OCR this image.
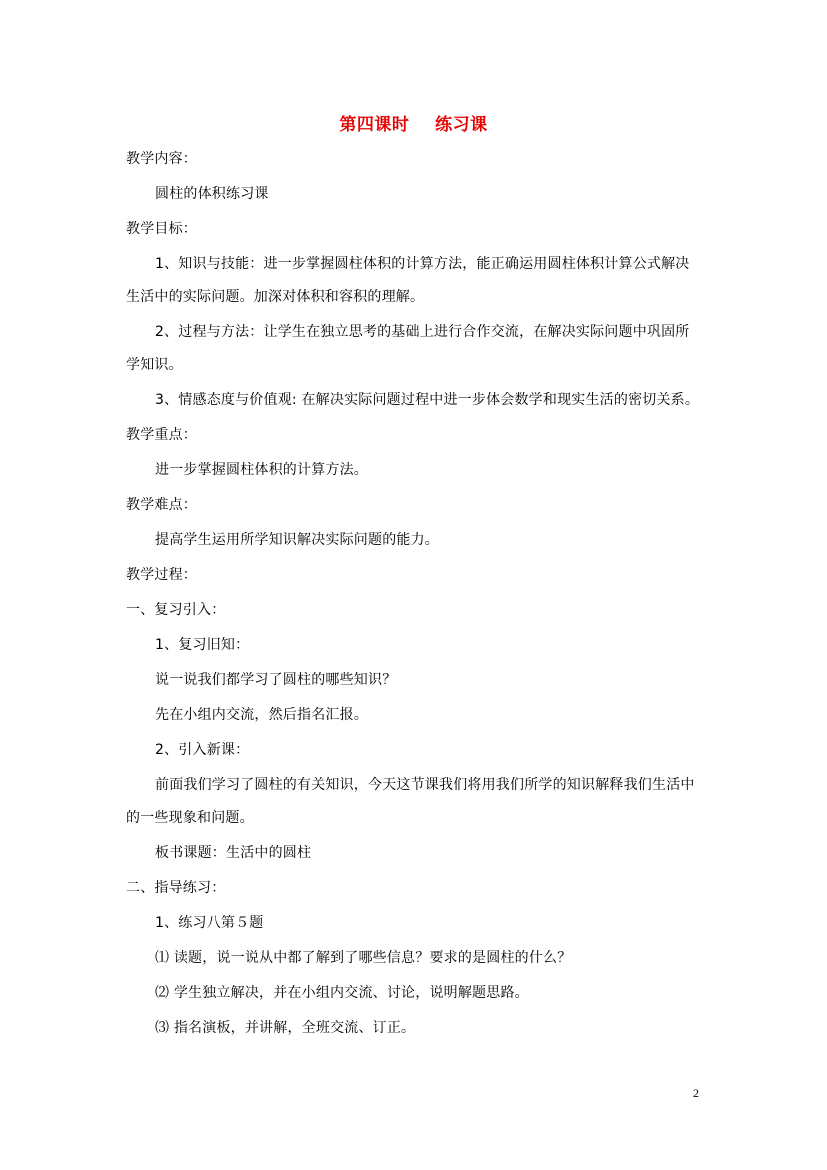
第四课时    练习课
教学内容：
圆柱的体积练习课
教学目标：
1、知识与技能：进一步掌握圆柱体积的计算方法，能正确运用圆柱体积计算公式解决
生活中的实际问题。加深对体积和容积的理解。
2、过程与方法：让学生在独立思考的基础上进行合作交流，在解决实际问题中巩固所
学知识。
3、情感态度与价值观: 在解决实际问题过程中进一步体会数学和现实生活的密切关系。
教学重点：
进一步掌握圆柱体积的计算方法。
教学难点：
提高学生运用所学知识解决实际问题的能力。
教学过程：
一、复习引入：
1、复习旧知：
说一说我们都学习了圆柱的哪些知识？
先在小组内交流，然后指名汇报。
2、引入新课：
前面我们学习了圆柱的有关知识，今天这节课我们将用我们所学的知识解释我们生活中
的一些现象和问题。
板书课题：生活中的圆柱
二、指导练习：
1、练习八第５题
⑴ 读题，说一说从中都了解到了哪些信息？要求的是圆柱的什么？
⑵ 学生独立解决，并在小组内交流、讨论，说明解题思路。
⑶ 指名演板，并讲解，全班交流、订正。
2
